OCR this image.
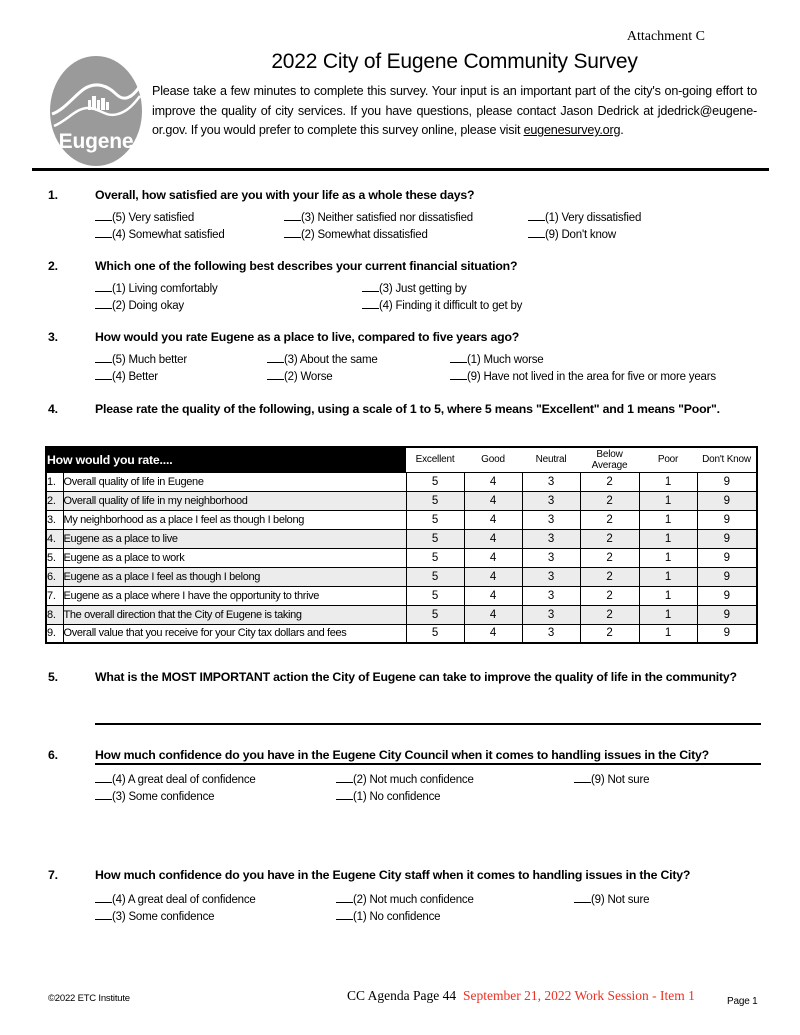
Attachment C
Eugene
2022 City of Eugene Community Survey
Please take a few minutes to complete this survey. Your input is an important part of the city's on-going effort to improve the quality of city services. If you have questions, please contact Jason Dedrick at jdedrick@eugene-or.gov. If you would prefer to complete this survey online, please visit eugenesurvey.org.
1.	Overall, how satisfied are you with your life as a whole these days?
(5) Very satisfied	(3) Neither satisfied nor dissatisfied	(1) Very dissatisfied
(4) Somewhat satisfied	(2) Somewhat dissatisfied	(9) Don't know
2.	Which one of the following best describes your current financial situation?
(1) Living comfortably	(3) Just getting by
(2) Doing okay	(4) Finding it difficult to get by
3.	How would you rate Eugene as a place to live, compared to five years ago?
(5) Much better	(3) About the same	(1) Much worse
(4) Better	(2) Worse	(9) Have not lived in the area for five or more years
4.	Please rate the quality of the following, using a scale of 1 to 5, where 5 means "Excellent" and 1 means "Poor".
How would you rate....		Excellent	Good	Neutral	Below Average	Poor	Don't Know
1.	Overall quality of life in Eugene	5	4	3	2	1	9
2.	Overall quality of life in my neighborhood	5	4	3	2	1	9
3.	My neighborhood as a place I feel as though I belong	5	4	3	2	1	9
4.	Eugene as a place to live	5	4	3	2	1	9
5.	Eugene as a place to work	5	4	3	2	1	9
6.	Eugene as a place I feel as though I belong	5	4	3	2	1	9
7.	Eugene as a place where I have the opportunity to thrive	5	4	3	2	1	9
8.	The overall direction that the City of Eugene is taking	5	4	3	2	1	9
9.	Overall value that you receive for your City tax dollars and fees	5	4	3	2	1	9
5.	What is the MOST IMPORTANT action the City of Eugene can take to improve the quality of life in the community?
6.	How much confidence do you have in the Eugene City Council when it comes to handling issues in the City?
(4) A great deal of confidence	(2) Not much confidence	(9) Not sure
(3) Some confidence	(1) No confidence
7.	How much confidence do you have in the Eugene City staff when it comes to handling issues in the City?
(4) A great deal of confidence	(2) Not much confidence	(9) Not sure
(3) Some confidence	(1) No confidence
©2022 ETC Institute	CC Agenda Page 44 September 21, 2022 Work Session - Item 1	Page 1
